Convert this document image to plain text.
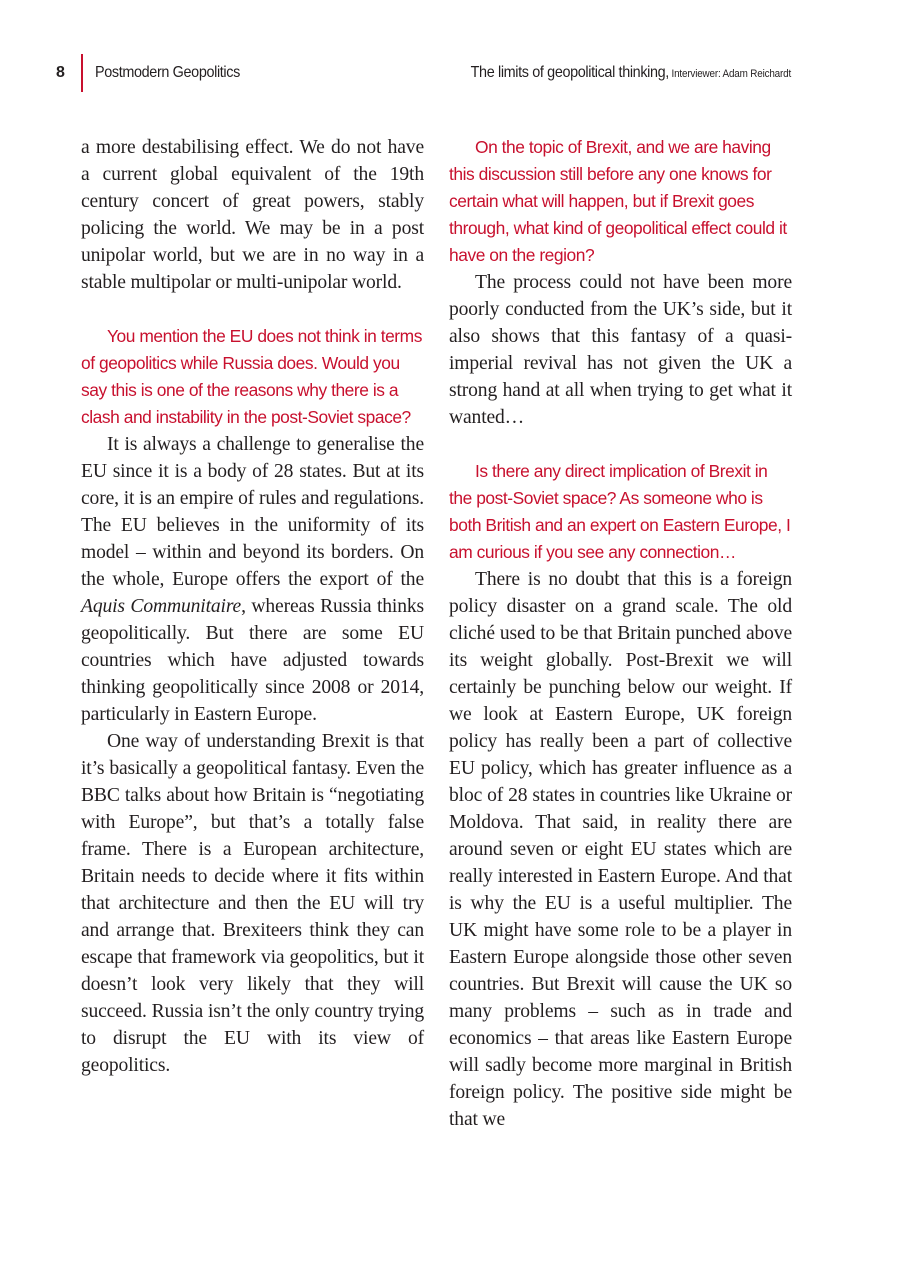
8 Postmodern Geopolitics	The limits of geopolitical thinking, Interviewer: Adam Reichardt

a more destabilising effect. We do not have a current global equivalent of the 19th century concert of great powers, stably policing the world. We may be in a post unipolar world, but we are in no way in a stable multipolar or multi-unipolar world.

You mention the EU does not think in terms of geopolitics while Russia does. Would you say this is one of the reasons why there is a clash and instability in the post-Soviet space?

It is always a challenge to generalise the EU since it is a body of 28 states. But at its core, it is an empire of rules and regulations. The EU believes in the uniformity of its model – within and beyond its borders. On the whole, Europe offers the export of the Aquis Communitaire, whereas Russia thinks geopolitically. But there are some EU countries which have adjusted towards thinking geopolitically since 2008 or 2014, particularly in Eastern Europe.

One way of understanding Brexit is that it’s basically a geopolitical fantasy. Even the BBC talks about how Britain is “negotiating with Europe”, but that’s a totally false frame. There is a European architecture, Britain needs to decide where it fits within that architecture and then the EU will try and arrange that. Brexiteers think they can escape that framework via geopolitics, but it doesn’t look very likely that they will succeed. Russia isn’t the only country trying to disrupt the EU with its view of geopolitics.

On the topic of Brexit, and we are having this discussion still before any one knows for certain what will happen, but if Brexit goes through, what kind of geopolitical effect could it have on the region?

The process could not have been more poorly conducted from the UK’s side, but it also shows that this fantasy of a quasi-imperial revival has not given the UK a strong hand at all when trying to get what it wanted…

Is there any direct implication of Brexit in the post-Soviet space? As someone who is both British and an expert on Eastern Europe, I am curious if you see any connection…

There is no doubt that this is a foreign policy disaster on a grand scale. The old cliché used to be that Britain punched above its weight globally. Post-Brexit we will certainly be punching below our weight. If we look at Eastern Europe, UK foreign policy has really been a part of collective EU policy, which has greater influence as a bloc of 28 states in countries like Ukraine or Moldova. That said, in reality there are around seven or eight EU states which are really interested in Eastern Europe. And that is why the EU is a useful multiplier. The UK might have some role to be a player in Eastern Europe alongside those other seven countries. But Brexit will cause the UK so many problems – such as in trade and economics – that areas like Eastern Europe will sadly become more marginal in British foreign policy. The positive side might be that we
